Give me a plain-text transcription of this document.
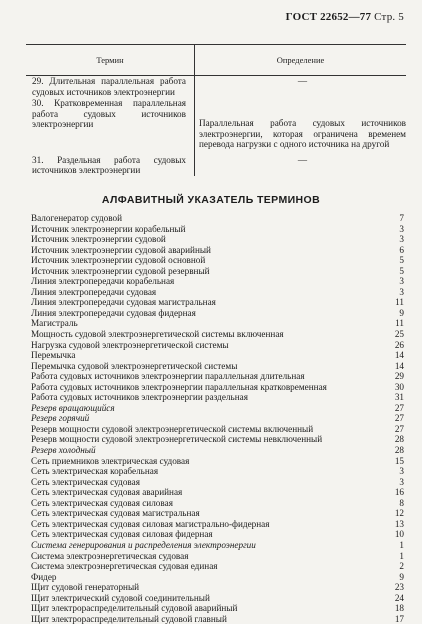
ГОСТ 22652—77 Стр. 5
Термин	Определение
29. Длительная параллельная работа судовых источников электроэнергии	—

30. Кратковременная параллельная работа судовых источников электроэнергии	Параллельная работа судовых источников электроэнергии, которая ограничена временем перевода нагрузки с одного источника на другой
31. Раздельная работа судовых источников электроэнергии	—
АЛФАВИТНЫЙ УКАЗАТЕЛЬ ТЕРМИНОВ
Валогенератор судовой	7
Источник электроэнергии корабельный	3
Источник электроэнергии судовой	3
Источник электроэнергии судовой аварийный	6
Источник электроэнергии судовой основной	5
Источник электроэнергии судовой резервный	5
Линия электропередачи корабельная	3
Линия электропередачи судовая	3
Линия электропередачи судовая магистральная	11
Линия электропередачи судовая фидерная	9
Магистраль	11
Мощность судовой электроэнергетической системы включенная	25
Нагрузка судовой электроэнергетической системы	26
Перемычка	14
Перемычка судовой электроэнергетической системы	14
Работа судовых источников электроэнергии параллельная длительная	29
Работа судовых источников электроэнергии параллельная кратковременная	30
Работа судовых источников электроэнергии раздельная	31
Резерв вращающийся	27
Резерв горячий	27
Резерв мощности судовой электроэнергетической системы включенный	27
Резерв мощности судовой электроэнергетической системы невключенный	28
Резерв холодный	28
Сеть приемников электрическая судовая	15
Сеть электрическая корабельная	3
Сеть электрическая судовая	3
Сеть электрическая судовая аварийная	16
Сеть электрическая судовая силовая	8
Сеть электрическая судовая магистральная	12
Сеть электрическая судовая силовая магистрально-фидерная	13
Сеть электрическая судовая силовая фидерная	10
Система генерирования и распределения электроэнергии	1
Система электроэнергетическая судовая	1
Система электроэнергетическая судовая единая	2
Фидер	9
Щит судовой генераторный	23
Щит электрический судовой соединительный	24
Щит электрораспределительный судовой аварийный	18
Щит электрораспределительный судовой главный	17
